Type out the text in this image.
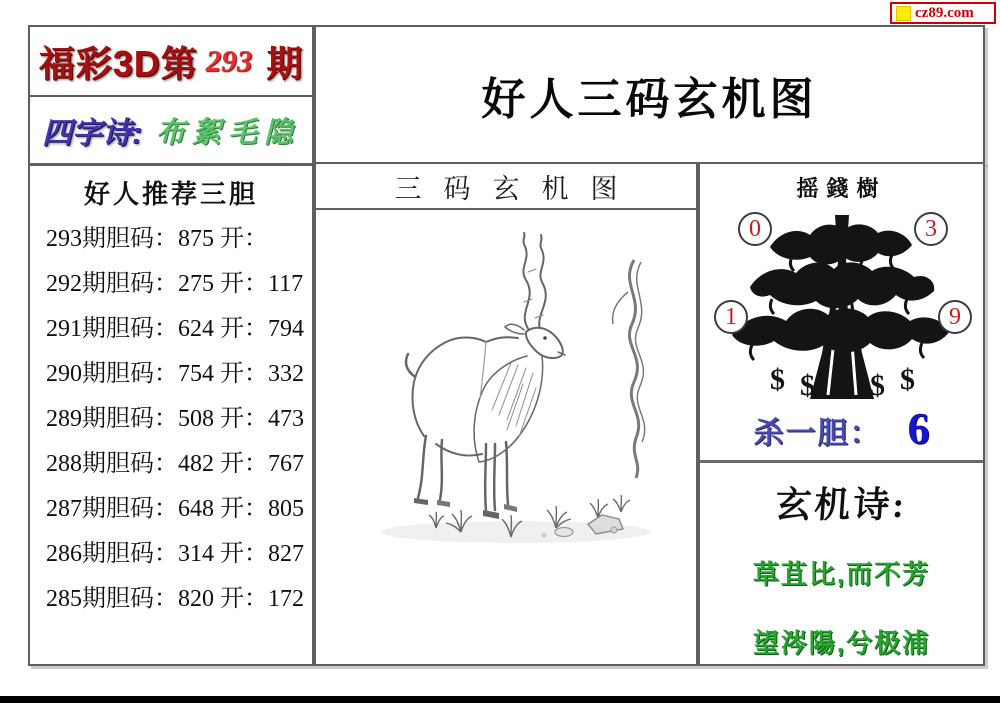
cz89.com
福彩3D 第 293 期
四字诗: 布絮毛隐
好人推荐三胆
293期胆码：875 开：
292期胆码：275 开：117
291期胆码：624 开：794
290期胆码：754 开：332
289期胆码：508 开：473
288期胆码：482 开：767
287期胆码：648 开：805
286期胆码：314 开：827
285期胆码：820 开：172
好人三码玄机图
三码玄机图	摇錢樹
$ $ $ $
$	$
0	3
1	9
杀一胆： 6
玄机诗:
草苴比,而不芳
望涔陽,兮极浦
